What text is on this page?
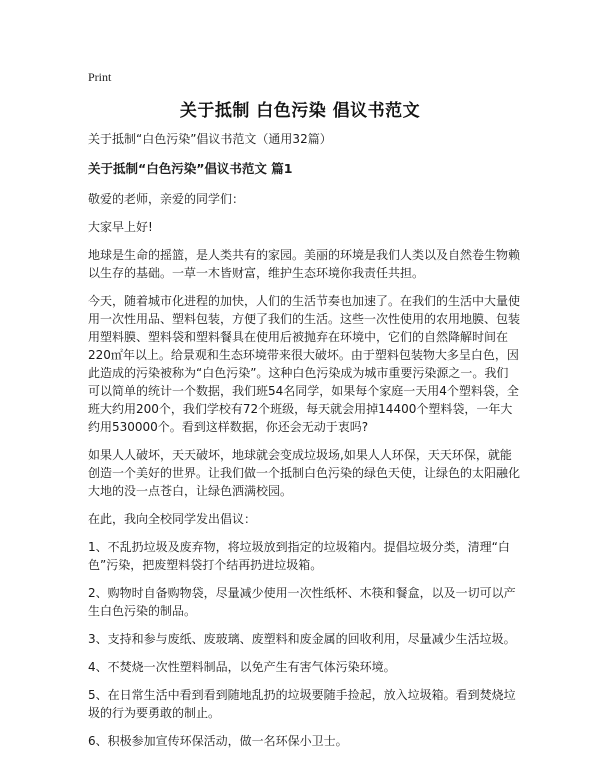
Print
关于抵制 白色污染 倡议书范文

关于抵制“白色污染”倡议书范文（通用32篇）

关于抵制“白色污染”倡议书范文 篇1

敬爱的老师，亲爱的同学们：

大家早上好!

地球是生命的摇篮，是人类共有的家园。美丽的环境是我们人类以及自然卷生物赖以生存的基础。一草一木皆财富，维护生态环境你我责任共担。

今天，随着城市化进程的加快，人们的生活节奏也加速了。在我们的生活中大量使用一次性用品、塑料包装，方便了我们的生活。这些一次性使用的农用地膜、包装用塑料膜、塑料袋和塑料餐具在使用后被抛弃在环境中，它们的自然降解时间在220㎡年以上。给景观和生态环境带来很大破坏。由于塑料包装物大多呈白色，因此造成的污染被称为“白色污染”。这种白色污染成为城市重要污染源之一。我们可以简单的统计一个数据，我们班54名同学，如果每个家庭一天用4个塑料袋，全班大约用200个，我们学校有72个班级，每天就会用掉14400个塑料袋，一年大约用530000个。看到这样数据，你还会无动于衷吗?

如果人人破坏，天天破坏，地球就会变成垃圾场,如果人人环保，天天环保，就能创造一个美好的世界。让我们做一个抵制白色污染的绿色天使，让绿色的太阳融化大地的没一点苍白，让绿色洒满校园。

在此，我向全校同学发出倡议：

1、不乱扔垃圾及废弃物，将垃圾放到指定的垃圾箱内。提倡垃圾分类，清理“白色”污染，把废塑料袋打个结再扔进垃圾箱。

2、购物时自备购物袋，尽量减少使用一次性纸杯、木筷和餐盒，以及一切可以产生白色污染的制品。

3、支持和参与废纸、废玻璃、废塑料和废金属的回收利用，尽量减少生活垃圾。

4、不焚烧一次性塑料制品，以免产生有害气体污染环境。

5、在日常生活中看到看到随地乱扔的垃圾要随手捡起，放入垃圾箱。看到焚烧垃圾的行为要勇敢的制止。

6、积极参加宣传环保活动，做一名环保小卫士。
